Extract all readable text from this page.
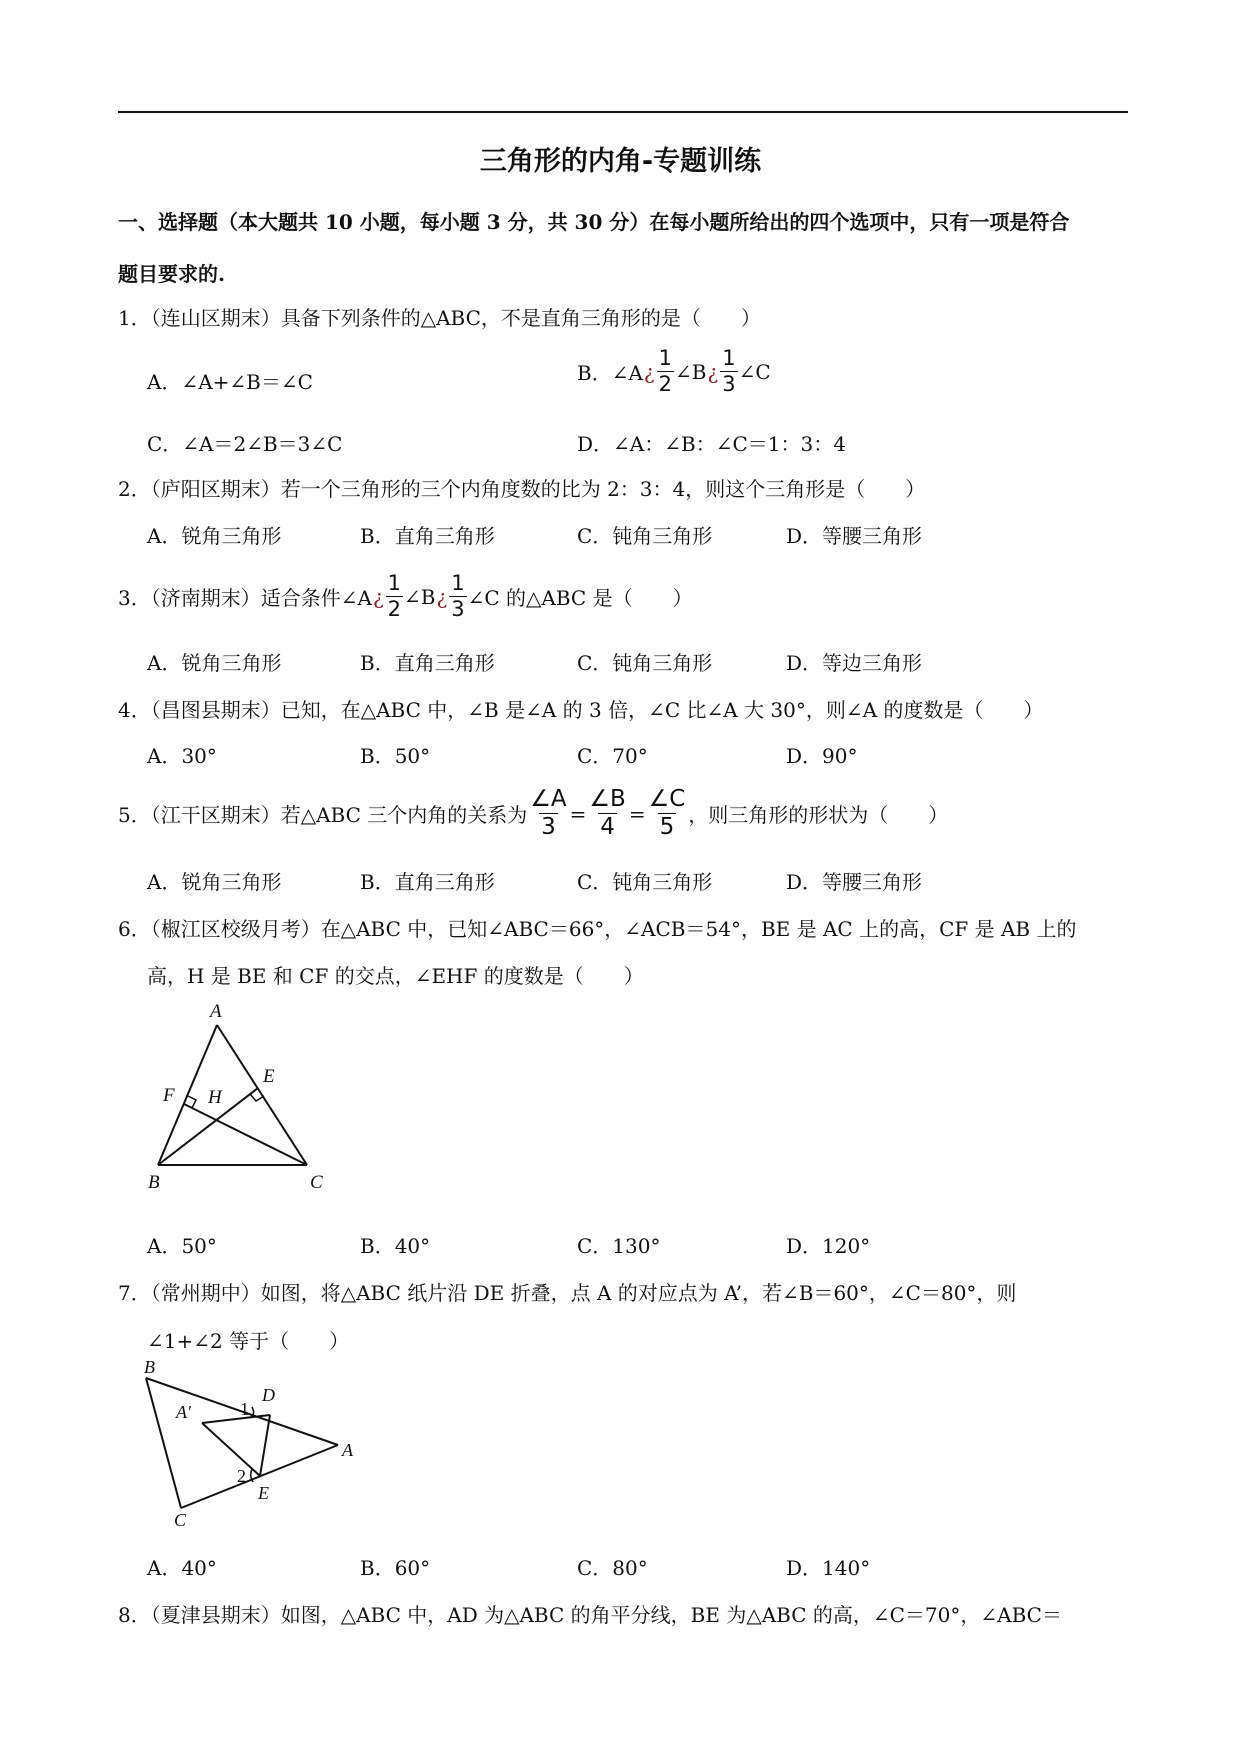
三角形的内角-专题训练
一、选择题（本大题共 10 小题，每小题 3 分，共 30 分）在每小题所给出的四个选项中，只有一项是符合
题目要求的.
1．（连山区期末）具备下列条件的△ABC，不是直角三角形的是（　　）
A．∠A+∠B＝∠C	B．∠A ¿ $\frac{1}{2}$ ∠B ¿ $\frac{1}{3}$ ∠C
C．∠A＝2∠B＝3∠C	D．∠A：∠B：∠C＝1：3：4
2．（庐阳区期末）若一个三角形的三个内角度数的比为 2：3：4，则这个三角形是（　　）
A．锐角三角形	B．直角三角形	C．钝角三角形	D．等腰三角形
3．（济南期末）适合条件∠A ¿ $\frac{1}{2}$ ∠B ¿ $\frac{1}{3}$ ∠C 的△ABC 是（　　）
A．锐角三角形	B．直角三角形	C．钝角三角形	D．等边三角形
4．（昌图县期末）已知，在△ABC 中，∠B 是∠A 的 3 倍，∠C 比∠A 大 30°，则∠A 的度数是（　　）
A．30°	B．50°	C．70°	D．90°
5．（江干区期末）若△ABC 三个内角的关系为 $\frac{\angle A}{3} = \frac{\angle B}{4} = \frac{\angle C}{5}$ ，则三角形的形状为（　　）
A．锐角三角形	B．直角三角形	C．钝角三角形	D．等腰三角形
6．（椒江区校级月考）在△ABC 中，已知∠ABC＝66°，∠ACB＝54°，BE 是 AC 上的高，CF 是 AB 上的
高，H 是 BE 和 CF 的交点，∠EHF 的度数是（　　）
A
E
F H
B	C
A．50°	B．40°	C．130°	D．120°
7．（常州期中）如图，将△ABC 纸片沿 DE 折叠，点 A 的对应点为 A’，若∠B＝60°，∠C＝80°，则
∠1+∠2 等于（　　）
B
A′	1
D
A
2
E
C
A．40°	B．60°	C．80°	D．140°
8．（夏津县期末）如图，△ABC 中，AD 为△ABC 的角平分线，BE 为△ABC 的高，∠C＝70°，∠ABC＝
